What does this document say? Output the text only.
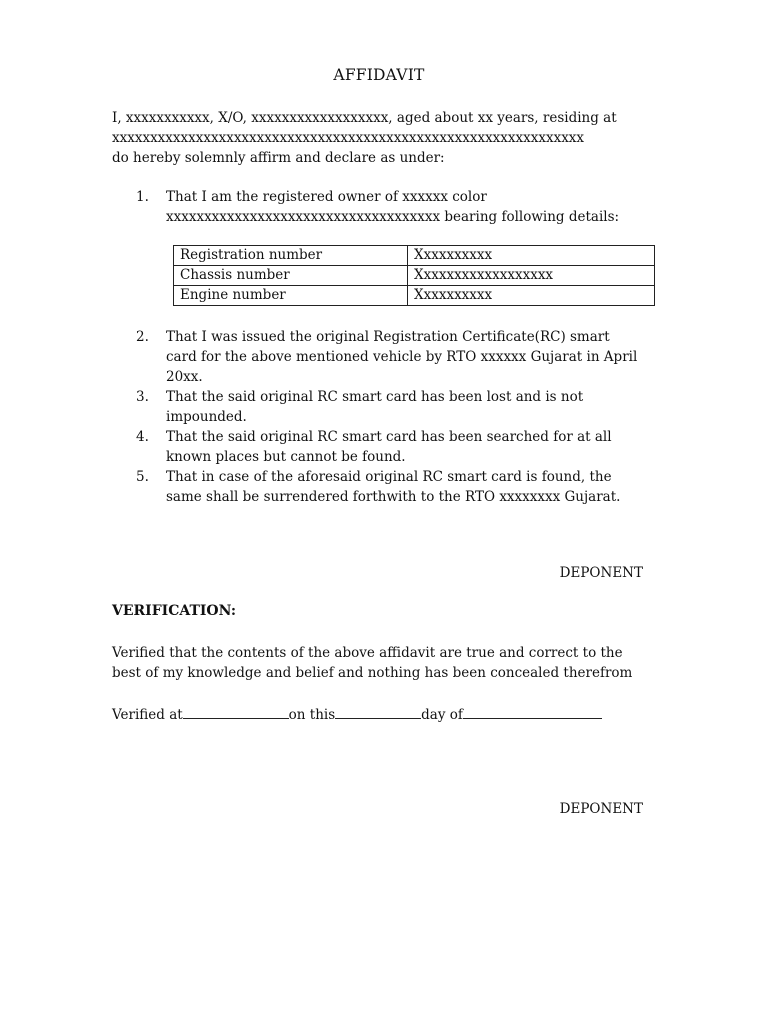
AFFIDAVIT
I, xxxxxxxxxxx, X/O, xxxxxxxxxxxxxxxxxx, aged about xx years, residing at
xxxxxxxxxxxxxxxxxxxxxxxxxxxxxxxxxxxxxxxxxxxxxxxxxxxxxxxxxxxxxx
do hereby solemnly affirm and declare as under:
1. That I am the registered owner of xxxxxx color
xxxxxxxxxxxxxxxxxxxxxxxxxxxxxxxxxxxx bearing following details:
Registration number	Xxxxxxxxxx
Chassis number	Xxxxxxxxxxxxxxxxxx
Engine number	Xxxxxxxxxx
2. That I was issued the original Registration Certificate(RC) smart
card for the above mentioned vehicle by RTO xxxxxx Gujarat in April
20xx.
3. That the said original RC smart card has been lost and is not
impounded.
4. That the said original RC smart card has been searched for at all
known places but cannot be found.
5. That in case of the aforesaid original RC smart card is found, the
same shall be surrendered forthwith to the RTO xxxxxxxx Gujarat.
DEPONENT
VERIFICATION:
Verified that the contents of the above affidavit are true and correct to the
best of my knowledge and belief and nothing has been concealed therefrom
Verified at	on this	day of
DEPONENT
